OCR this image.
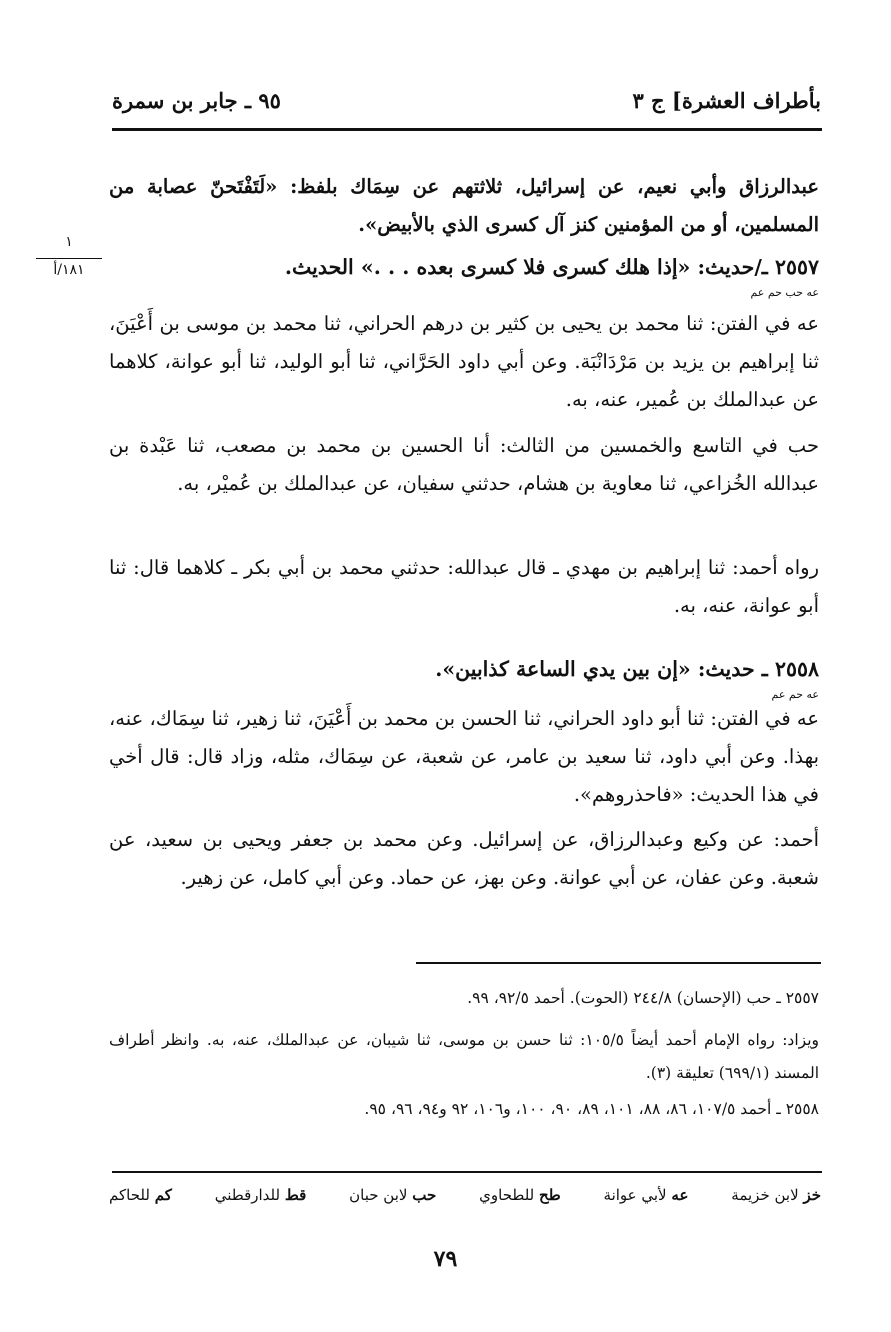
بأطراف العشرة] ج ٣
٩٥ ـ جابر بن سمرة
١
١٨١/أ

عبدالرزاق وأبي نعيم، عن إسرائيل، ثلاثتهم عن سِمَاك بلفظ: «لَتَفْتَحنّ عصابة من المسلمين، أو من المؤمنين كنز آل كسرى الذي بالأبيض».

٢٥٥٧ ـ/حديث: «إذا هلك كسرى فلا كسرى بعده . . .» الحديث.

عه حب حم عم

عه في الفتن: ثنا محمد بن يحيى بن كثير بن درهم الحراني، ثنا محمد بن موسى بن أَعْيَنَ، ثنا إبراهيم بن يزيد بن مَرْدَانْبَة. وعن أبي داود الحَرَّاني، ثنا أبو الوليد، ثنا أبو عوانة، كلاهما عن عبدالملك بن عُمير، عنه، به.

حب في التاسع والخمسين من الثالث: أنا الحسين بن محمد بن مصعب، ثنا عَبْدة بن عبدالله الخُزاعي، ثنا معاوية بن هشام، حدثني سفيان، عن عبدالملك بن عُميْر، به.

رواه أحمد: ثنا إبراهيم بن مهدي ـ قال عبدالله: حدثني محمد بن أبي بكر ـ كلاهما قال: ثنا أبو عوانة، عنه، به.

٢٥٥٨ ـ حديث: «إن بين يدي الساعة كذابين».

عه حم عم

عه في الفتن: ثنا أبو داود الحراني، ثنا الحسن بن محمد بن أَعْيَنَ، ثنا زهير، ثنا سِمَاك، عنه، بهذا. وعن أبي داود، ثنا سعيد بن عامر، عن شعبة، عن سِمَاك، مثله، وزاد قال: قال أخي في هذا الحديث: «فاحذروهم».

أحمد: عن وكيع وعبدالرزاق، عن إسرائيل. وعن محمد بن جعفر ويحيى بن سعيد، عن شعبة. وعن عفان، عن أبي عوانة. وعن بهز، عن حماد. وعن أبي كامل، عن زهير.

٢٥٥٧ ـ حب (الإحسان) ٢٤٤/٨ (الحوت). أحمد ٩٢/٥، ٩٩.
ويزاد: رواه الإمام أحمد أيضاً ١٠٥/٥: ثنا حسن بن موسى، ثنا شيبان، عن عبدالملك، عنه، به. وانظر أطراف المسند (٦٩٩/١) تعليقة (٣).
٢٥٥٨ ـ أحمد ١٠٧/٥، ٨٦، ٨٨، ١٠١، ٨٩، ٩٠، ١٠٠، و١٠٦، ٩٢ و٩٤، ٩٦، ٩٥.
خز لابن خزيمة
عه لأبي عوانة
طح للطحاوي
حب لابن حبان
قط للدارقطني
كم للحاكم
٧٩
